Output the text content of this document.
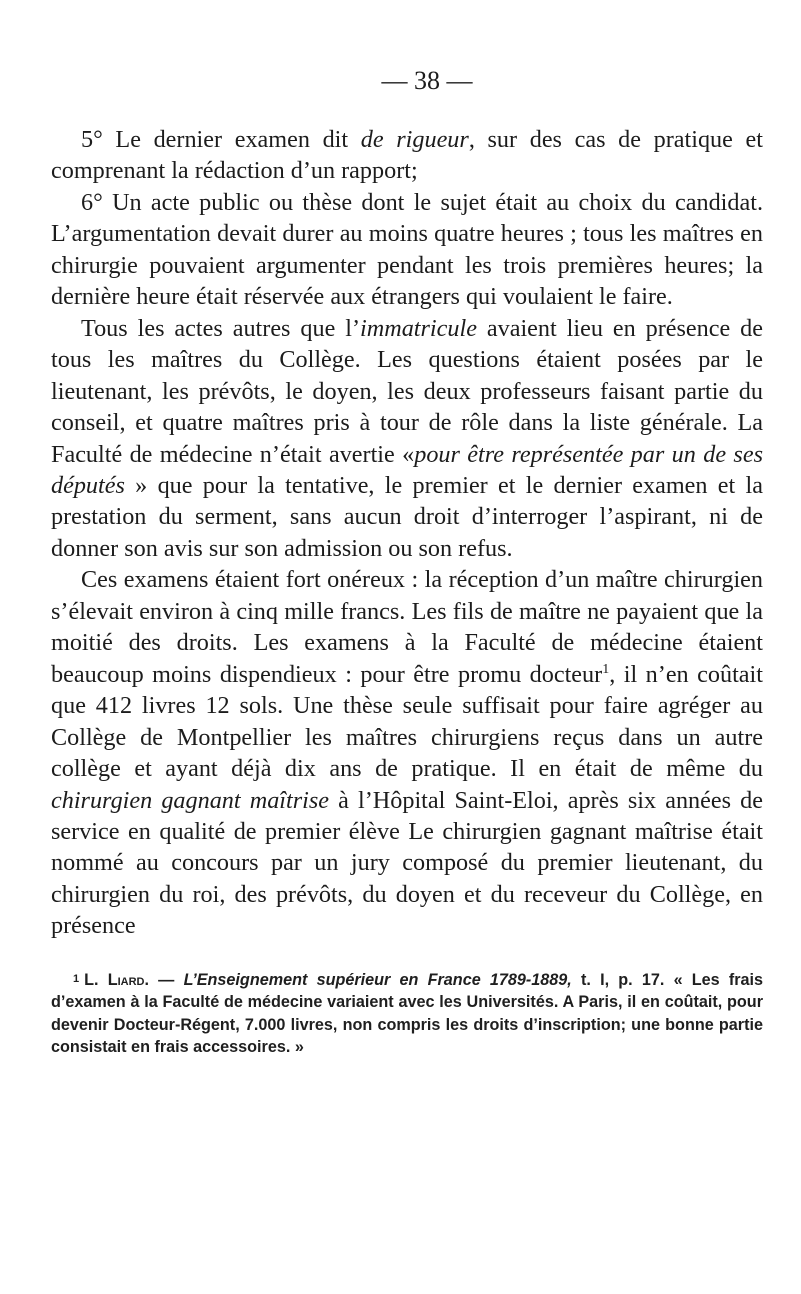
— 38 —

5° Le dernier examen dit de rigueur, sur des cas de pratique et comprenant la rédaction d’un rapport;

6° Un acte public ou thèse dont le sujet était au choix du candidat. L’argumentation devait durer au moins quatre heures ; tous les maîtres en chirurgie pouvaient argumenter pendant les trois premières heures; la dernière heure était réservée aux étrangers qui voulaient le faire.

Tous les actes autres que l’immatricule avaient lieu en présence de tous les maîtres du Collège. Les questions étaient posées par le lieutenant, les prévôts, le doyen, les deux professeurs faisant partie du conseil, et quatre maîtres pris à tour de rôle dans la liste générale. La Faculté de médecine n’était avertie «pour être représentée par un de ses députés » que pour la tentative, le premier et le dernier examen et la prestation du serment, sans aucun droit d’interroger l’aspirant, ni de donner son avis sur son admission ou son refus.

Ces examens étaient fort onéreux : la réception d’un maître chirurgien s’élevait environ à cinq mille francs. Les fils de maître ne payaient que la moitié des droits. Les examens à la Faculté de médecine étaient beaucoup moins dispendieux : pour être promu docteur$^1$, il n’en coûtait que 412 livres 12 sols. Une thèse seule suffisait pour faire agréger au Collège de Montpellier les maîtres chirurgiens reçus dans un autre collège et ayant déjà dix ans de pratique. Il en était de même du chirurgien gagnant maîtrise à l’Hôpital Saint-Eloi, après six années de service en qualité de premier élève Le chirurgien gagnant maîtrise était nommé au concours par un jury composé du premier lieutenant, du chirurgien du roi, des prévôts, du doyen et du receveur du Collège, en présence

1 L. Liard. — L’Enseignement supérieur en France 1789-1889, t. I, p. 17. « Les frais d’examen à la Faculté de médecine variaient avec les Universités. A Paris, il en coûtait, pour devenir Docteur-Régent, 7.000 livres, non compris les droits d’inscription; une bonne partie consistait en frais accessoires. »
